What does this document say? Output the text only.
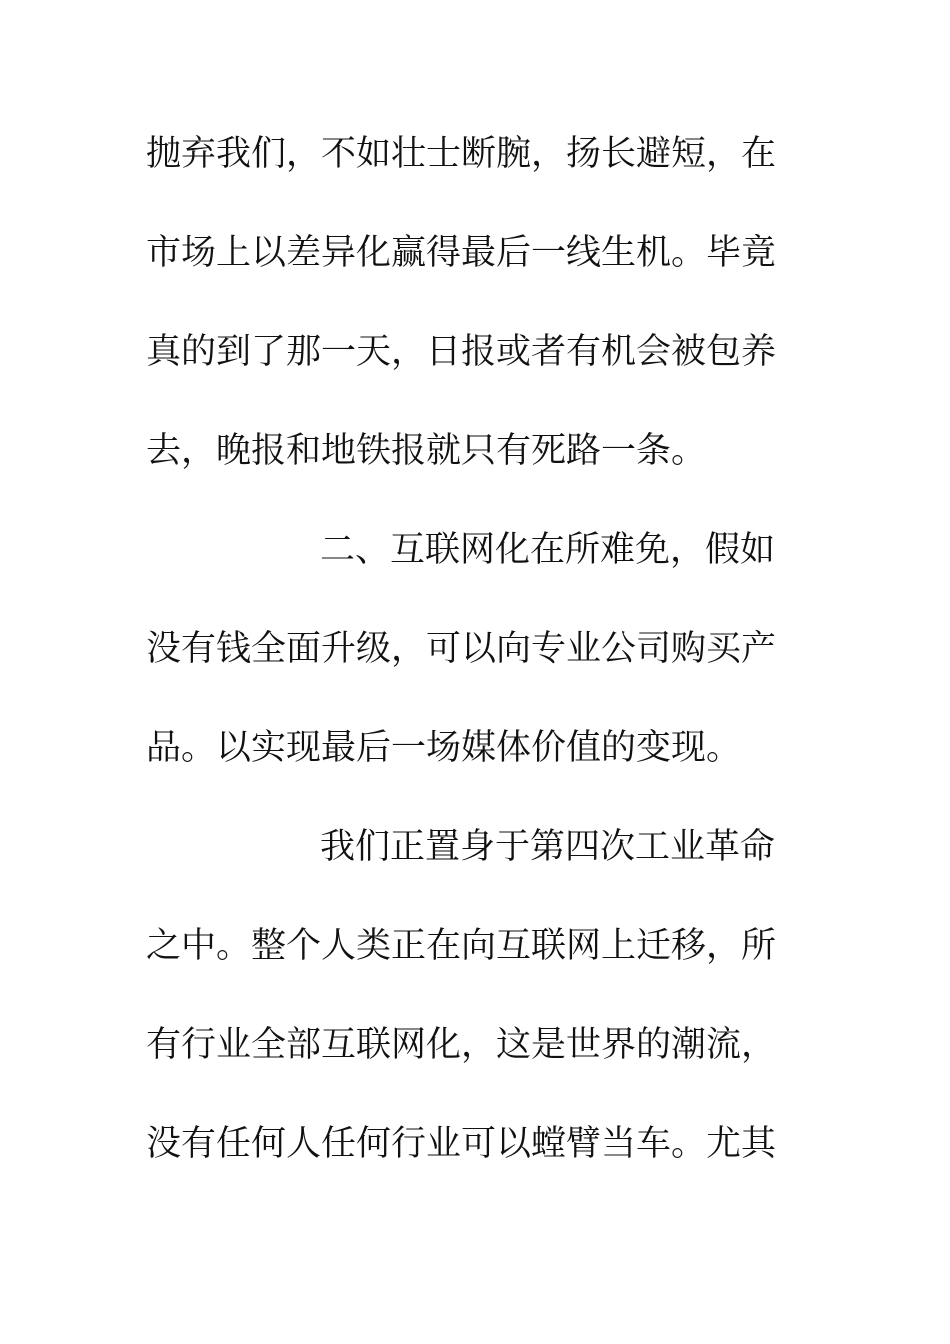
抛弃我们，不如壮士断腕，扬长避短，在
市场上以差异化赢得最后一线生机。毕竟
真的到了那一天，日报或者有机会被包养
去，晚报和地铁报就只有死路一条。
二、互联网化在所难免，假如
没有钱全面升级，可以向专业公司购买产
品。以实现最后一场媒体价值的变现。
我们正置身于第四次工业革命
之中。整个人类正在向互联网上迁移，所
有行业全部互联网化，这是世界的潮流，
没有任何人任何行业可以螳臂当车。尤其
